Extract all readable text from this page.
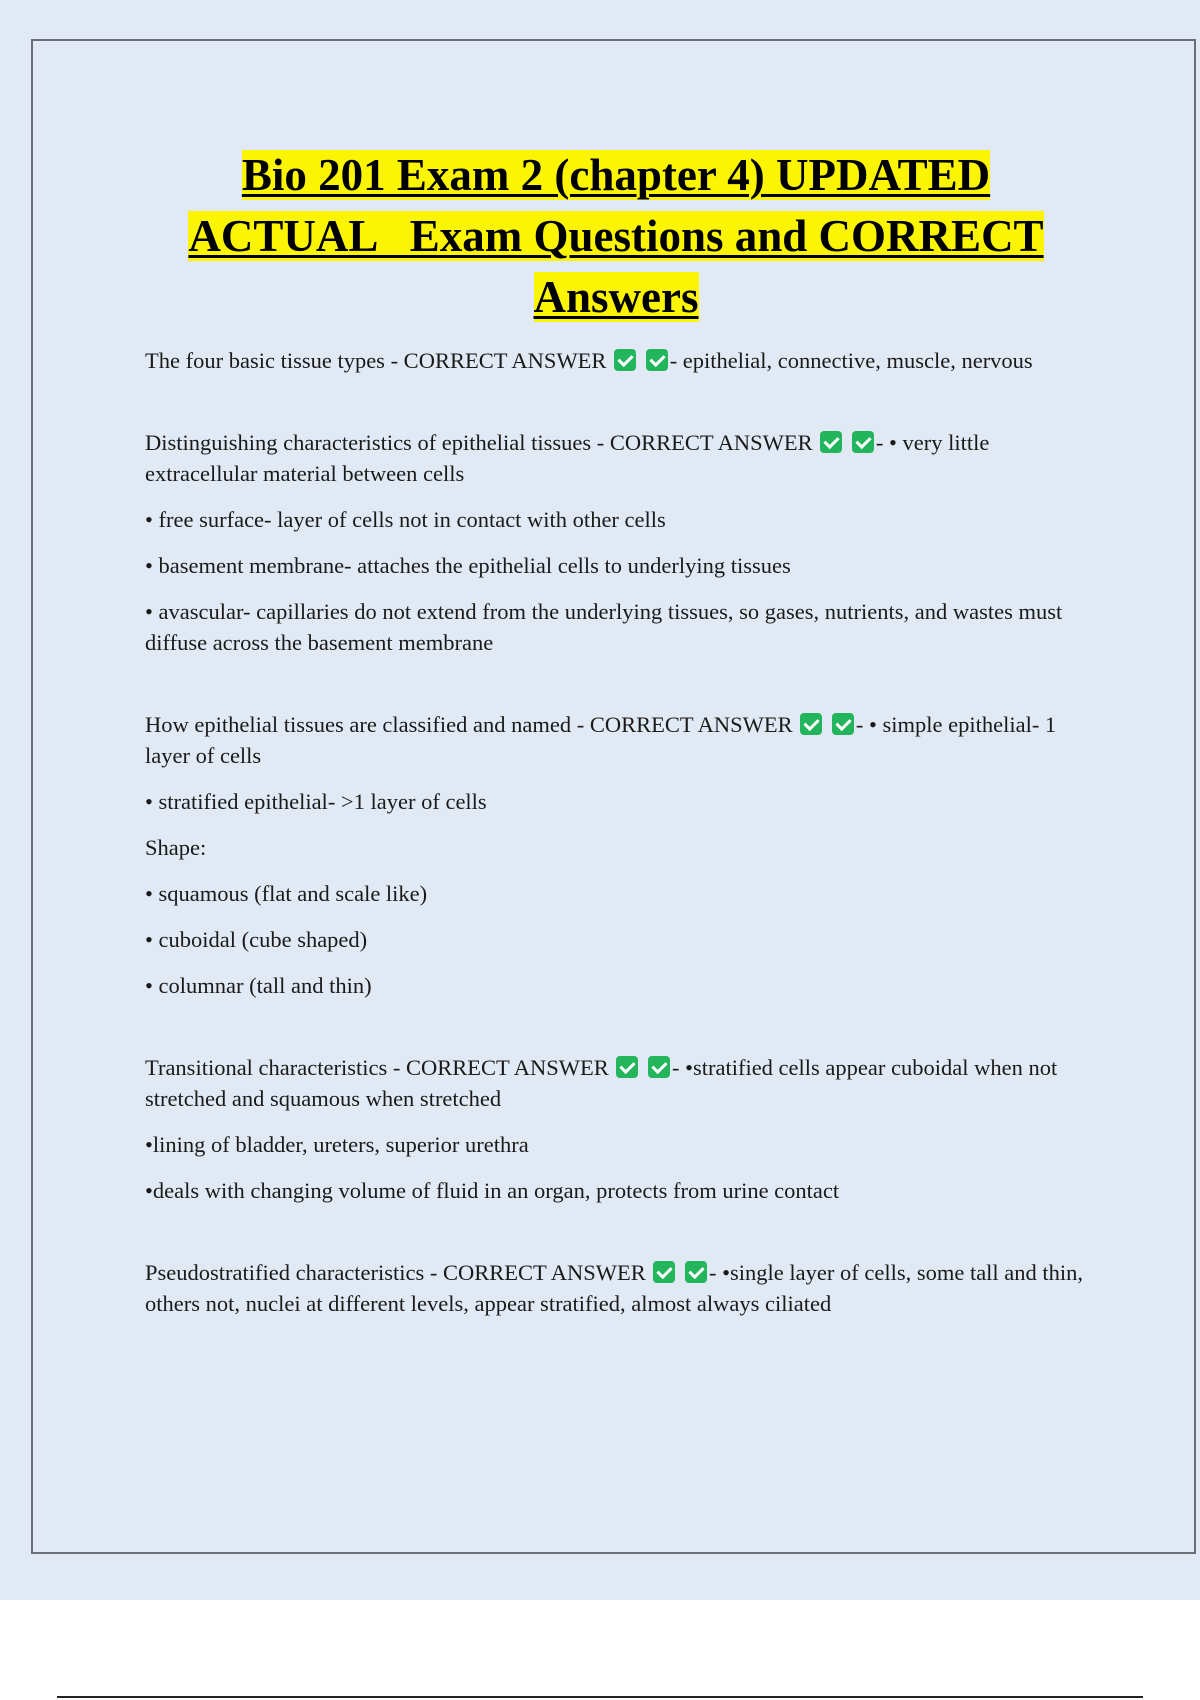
Bio 201 Exam 2 (chapter 4) UPDATED
ACTUAL   Exam Questions and CORRECT
Answers

The four basic tissue types - CORRECT ANSWER	- epithelial, connective, muscle, nervous

Distinguishing characteristics of epithelial tissues - CORRECT ANSWER	- • very little extracellular material between cells

• free surface- layer of cells not in contact with other cells

• basement membrane- attaches the epithelial cells to underlying tissues

• avascular- capillaries do not extend from the underlying tissues, so gases, nutrients, and wastes must diffuse across the basement membrane

How epithelial tissues are classified and named - CORRECT ANSWER	- • simple epithelial- 1 layer of cells

• stratified epithelial- >1 layer of cells

Shape:

• squamous (flat and scale like)

• cuboidal (cube shaped)

• columnar (tall and thin)

Transitional characteristics - CORRECT ANSWER	- •stratified cells appear cuboidal when not stretched and squamous when stretched

•lining of bladder, ureters, superior urethra

•deals with changing volume of fluid in an organ, protects from urine contact

Pseudostratified characteristics - CORRECT ANSWER	- •single layer of cells, some tall and thin, others not, nuclei at different levels, appear stratified, almost always ciliated
